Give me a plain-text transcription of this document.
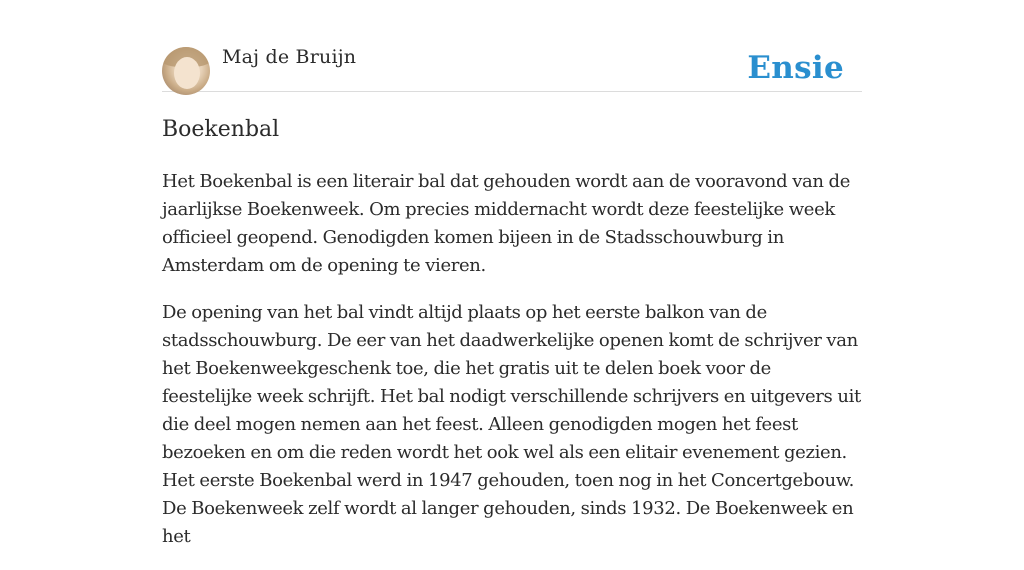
Maj de Bruijn	Ensie
Boekenbal

Het Boekenbal is een literair bal dat gehouden wordt aan de vooravond van de jaarlijkse Boekenweek. Om precies middernacht wordt deze feestelijke week officieel geopend. Genodigden komen bijeen in de Stadsschouwburg in Amsterdam om de opening te vieren.

De opening van het bal vindt altijd plaats op het eerste balkon van de stadsschouwburg. De eer van het daadwerkelijke openen komt de schrijver van het Boekenweekgeschenk toe, die het gratis uit te delen boek voor de feestelijke week schrijft. Het bal nodigt verschillende schrijvers en uitgevers uit die deel mogen nemen aan het feest. Alleen genodigden mogen het feest bezoeken en om die reden wordt het ook wel als een elitair evenement gezien. Het eerste Boekenbal werd in 1947 gehouden, toen nog in het Concertgebouw. De Boekenweek zelf wordt al langer gehouden, sinds 1932. De Boekenweek en het
